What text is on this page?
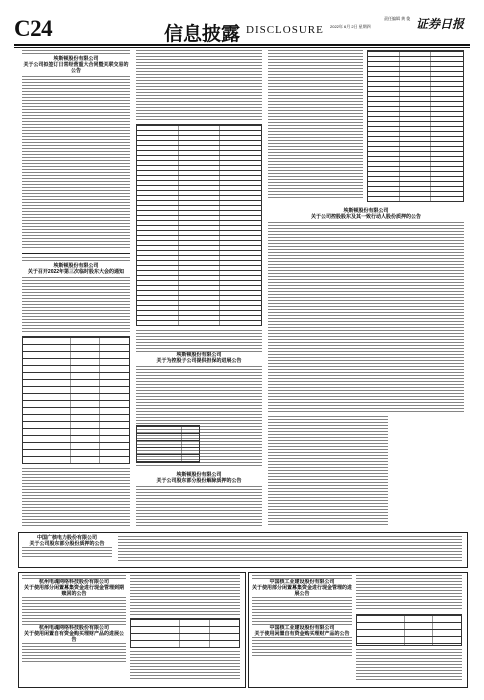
C24	信息披露 DISCLOSURE
责任编辑 黄 俊
2022年 6月 2日 星期四	证券日报
埃斯顿股份有限公司
关于公司拟签订日常经营重大合同暨关联交易的公告
埃斯顿股份有限公司
关于召开2022年第三次临时股东大会的通知
埃斯顿股份有限公司
关于为控股子公司提供担保的进展公告
埃斯顿股份有限公司
关于公司股东部分股份解除质押的公告
埃斯顿股份有限公司
关于公司控股股东及其一致行动人股份质押的公告
中国广核电力股份有限公司
关于公司股东部分股份质押的公告
杭州电魂网络科技股份有限公司
关于使用部分闲置募集资金进行现金管理到期赎回的公告
杭州电魂网络科技股份有限公司
关于使用闲置自有资金购买理财产品的进展公告
中国核工业建设股份有限公司
关于使用部分闲置募集资金进行现金管理的进展公告
中国核工业建设股份有限公司
关于使用闲置自有资金购买理财产品的公告
